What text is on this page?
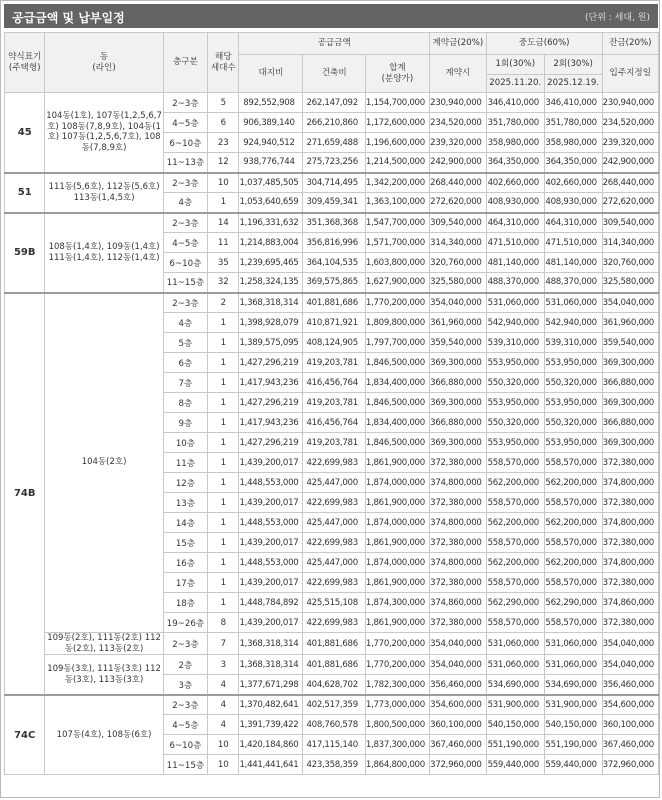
공급금액 및 납부일정	(단위 : 세대, 원)
약식표기
(주택형)	동
(라인)	층구분	해당
세대수	공급금액			계약금(20%)	중도금(60%)		잔금(20%)
				대지비	건축비	합계
(분양가)	계약시	1회(30%)	2회(30%)	입주지정일
								2025.11.20.	2025.12.19.	
45	104동(1호), 107동(1,2,5,6,7호) 108동(7,8,9호), 104동(1호) 107동(1,2,5,6,7호), 108동(7,8,9호)	2~3층	5	892,552,908	262,147,092	1,154,700,000	230,940,000	346,410,000	346,410,000	230,940,000
		4~5층	6	906,389,140	266,210,860	1,172,600,000	234,520,000	351,780,000	351,780,000	234,520,000
		6~10층	23	924,940,512	271,659,488	1,196,600,000	239,320,000	358,980,000	358,980,000	239,320,000
		11~13층	12	938,776,744	275,723,256	1,214,500,000	242,900,000	364,350,000	364,350,000	242,900,000
51	111동(5,6호), 112동(5,6호) 113동(1,4,5호)	2~3층	10	1,037,485,505	304,714,495	1,342,200,000	268,440,000	402,660,000	402,660,000	268,440,000
		4층	1	1,053,640,659	309,459,341	1,363,100,000	272,620,000	408,930,000	408,930,000	272,620,000
59B	108동(1,4호), 109동(1,4호) 111동(1,4호), 112동(1,4호)	2~3층	14	1,196,331,632	351,368,368	1,547,700,000	309,540,000	464,310,000	464,310,000	309,540,000
		4~5층	11	1,214,883,004	356,816,996	1,571,700,000	314,340,000	471,510,000	471,510,000	314,340,000
		6~10층	35	1,239,695,465	364,104,535	1,603,800,000	320,760,000	481,140,000	481,140,000	320,760,000
		11~15층	32	1,258,324,135	369,575,865	1,627,900,000	325,580,000	488,370,000	488,370,000	325,580,000
74B	104동(2호)	2~3층	2	1,368,318,314	401,881,686	1,770,200,000	354,040,000	531,060,000	531,060,000	354,040,000
		4층	1	1,398,928,079	410,871,921	1,809,800,000	361,960,000	542,940,000	542,940,000	361,960,000
		5층	1	1,389,575,095	408,124,905	1,797,700,000	359,540,000	539,310,000	539,310,000	359,540,000
		6층	1	1,427,296,219	419,203,781	1,846,500,000	369,300,000	553,950,000	553,950,000	369,300,000
		7층	1	1,417,943,236	416,456,764	1,834,400,000	366,880,000	550,320,000	550,320,000	366,880,000
		8층	1	1,427,296,219	419,203,781	1,846,500,000	369,300,000	553,950,000	553,950,000	369,300,000
		9층	1	1,417,943,236	416,456,764	1,834,400,000	366,880,000	550,320,000	550,320,000	366,880,000
		10층	1	1,427,296,219	419,203,781	1,846,500,000	369,300,000	553,950,000	553,950,000	369,300,000
		11층	1	1,439,200,017	422,699,983	1,861,900,000	372,380,000	558,570,000	558,570,000	372,380,000
		12층	1	1,448,553,000	425,447,000	1,874,000,000	374,800,000	562,200,000	562,200,000	374,800,000
		13층	1	1,439,200,017	422,699,983	1,861,900,000	372,380,000	558,570,000	558,570,000	372,380,000
		14층	1	1,448,553,000	425,447,000	1,874,000,000	374,800,000	562,200,000	562,200,000	374,800,000
		15층	1	1,439,200,017	422,699,983	1,861,900,000	372,380,000	558,570,000	558,570,000	372,380,000
		16층	1	1,448,553,000	425,447,000	1,874,000,000	374,800,000	562,200,000	562,200,000	374,800,000
		17층	1	1,439,200,017	422,699,983	1,861,900,000	372,380,000	558,570,000	558,570,000	372,380,000
		18층	1	1,448,784,892	425,515,108	1,874,300,000	374,860,000	562,290,000	562,290,000	374,860,000
		19~26층	8	1,439,200,017	422,699,983	1,861,900,000	372,380,000	558,570,000	558,570,000	372,380,000
	109동(2호), 111동(2호) 112동(2호), 113동(2호)	2~3층	7	1,368,318,314	401,881,686	1,770,200,000	354,040,000	531,060,000	531,060,000	354,040,000
	109동(3호), 111동(3호) 112동(3호), 113동(3호)	2층	3	1,368,318,314	401,881,686	1,770,200,000	354,040,000	531,060,000	531,060,000	354,040,000
		3층	4	1,377,671,298	404,628,702	1,782,300,000	356,460,000	534,690,000	534,690,000	356,460,000
74C	107동(4호), 108동(6호)	2~3층	4	1,370,482,641	402,517,359	1,773,000,000	354,600,000	531,900,000	531,900,000	354,600,000
		4~5층	4	1,391,739,422	408,760,578	1,800,500,000	360,100,000	540,150,000	540,150,000	360,100,000
		6~10층	10	1,420,184,860	417,115,140	1,837,300,000	367,460,000	551,190,000	551,190,000	367,460,000
		11~15층	10	1,441,441,641	423,358,359	1,864,800,000	372,960,000	559,440,000	559,440,000	372,960,000
